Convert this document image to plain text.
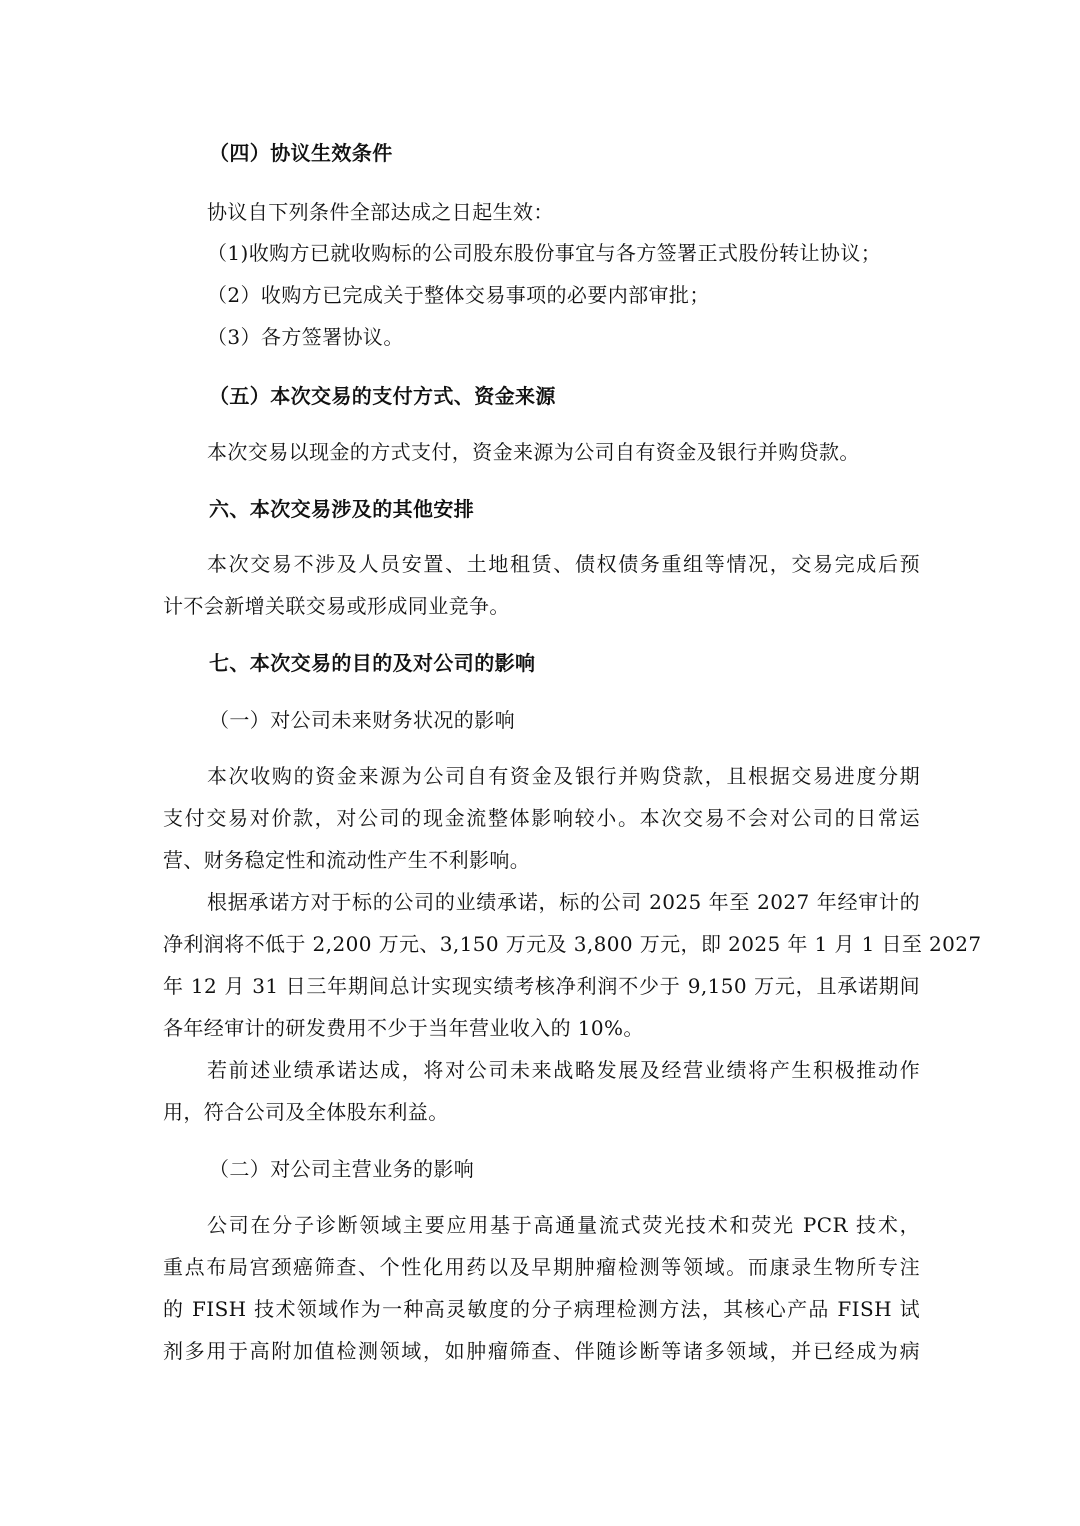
（四）协议生效条件
协议自下列条件全部达成之日起生效：
（1)收购方已就收购标的公司股东股份事宜与各方签署正式股份转让协议；
（2）收购方已完成关于整体交易事项的必要内部审批；
（3）各方签署协议。
（五）本次交易的支付方式、资金来源
本次交易以现金的方式支付，资金来源为公司自有资金及银行并购贷款。
六、本次交易涉及的其他安排
本次交易不涉及人员安置、土地租赁、债权债务重组等情况，交易完成后预
计不会新增关联交易或形成同业竞争。
七、本次交易的目的及对公司的影响
（一）对公司未来财务状况的影响
本次收购的资金来源为公司自有资金及银行并购贷款，且根据交易进度分期
支付交易对价款，对公司的现金流整体影响较小。本次交易不会对公司的日常运
营、财务稳定性和流动性产生不利影响。
根据承诺方对于标的公司的业绩承诺，标的公司 2025 年至 2027 年经审计的
净利润将不低于 2,200 万元、3,150 万元及 3,800 万元，即 2025 年 1 月 1 日至 2027
年 12 月 31 日三年期间总计实现实绩考核净利润不少于 9,150 万元，且承诺期间
各年经审计的研发费用不少于当年营业收入的 10%。
若前述业绩承诺达成，将对公司未来战略发展及经营业绩将产生积极推动作
用，符合公司及全体股东利益。
（二）对公司主营业务的影响
公司在分子诊断领域主要应用基于高通量流式荧光技术和荧光 PCR 技术，
重点布局宫颈癌筛查、个性化用药以及早期肿瘤检测等领域。而康录生物所专注
的 FISH 技术领域作为一种高灵敏度的分子病理检测方法，其核心产品 FISH 试
剂多用于高附加值检测领域，如肿瘤筛查、伴随诊断等诸多领域，并已经成为病
